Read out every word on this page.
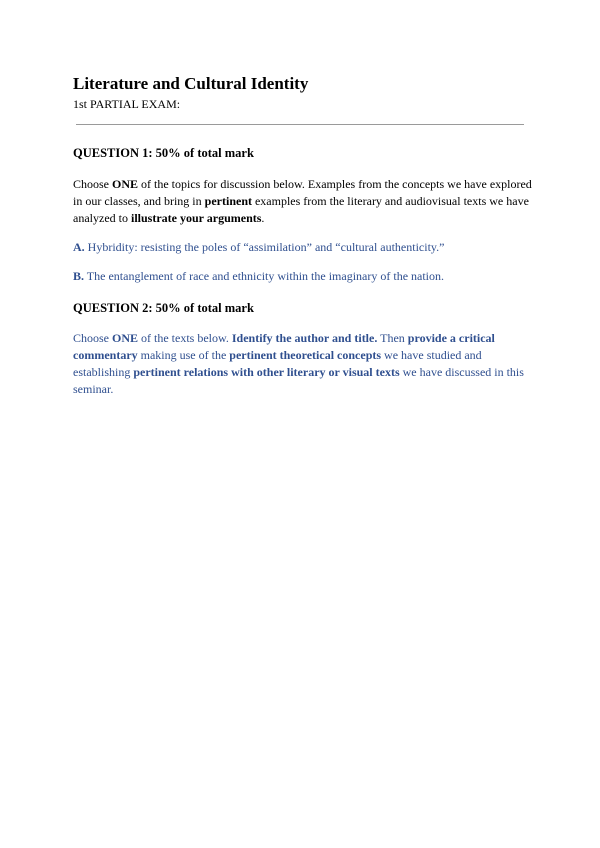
Literature and Cultural Identity
1st PARTIAL EXAM:
QUESTION 1: 50% of total mark
Choose ONE of the topics for discussion below. Examples from the concepts we have explored in our classes, and bring in pertinent examples from the literary and audiovisual texts we have analyzed to illustrate your arguments.
A. Hybridity: resisting the poles of “assimilation” and “cultural authenticity.”
B. The entanglement of race and ethnicity within the imaginary of the nation.
QUESTION 2: 50% of total mark
Choose ONE of the texts below. Identify the author and title. Then provide a critical commentary making use of the pertinent theoretical concepts we have studied and establishing pertinent relations with other literary or visual texts we have discussed in this seminar.
